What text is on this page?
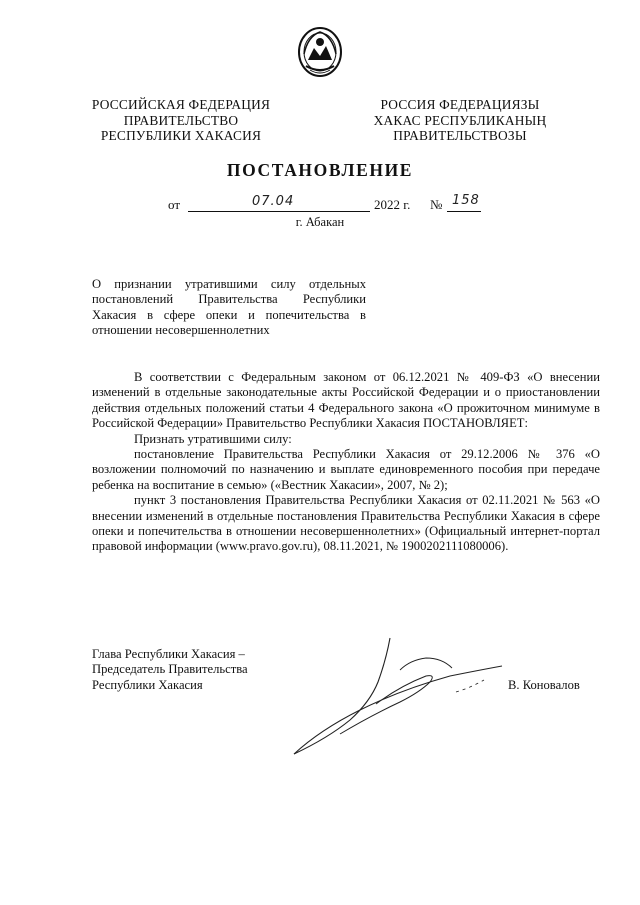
РОССИЙСКАЯ ФЕДЕРАЦИЯ
ПРАВИТЕЛЬСТВО
РЕСПУБЛИКИ ХАКАСИЯ
РОССИЯ ФЕДЕРАЦИЯЗЫ
ХАКАС РЕСПУБЛИКАНЫҢ
ПРАВИТЕЛЬСТВОЗЫ
ПОСТАНОВЛЕНИЕ
от	07.04	2022 г. № 158
г. Абакан
О признании утратившими силу отдельных постановлений Правительства Республики Хакасия в сфере опеки и попечительства в отношении несовершеннолетних

В соответствии с Федеральным законом от 06.12.2021 № 409-ФЗ «О внесении изменений в отдельные законодательные акты Российской Федерации и о приостановлении действия отдельных положений статьи 4 Федерального закона «О прожиточном минимуме в Российской Федерации» Правительство Республики Хакасия ПОСТАНОВЛЯЕТ:

Признать утратившими силу:

постановление Правительства Республики Хакасия от 29.12.2006 № 376 «О возложении полномочий по назначению и выплате единовременного пособия при передаче ребенка на воспитание в семью» («Вестник Хакасии», 2007, № 2);

пункт 3 постановления Правительства Республики Хакасия от 02.11.2021 № 563 «О внесении изменений в отдельные постановления Правительства Республики Хакасия в сфере опеки и попечительства в отношении несовершеннолетних» (Официальный интернет-портал правовой информации (www.pravo.gov.ru), 08.11.2021, № 1900202111080006).

Глава Республики Хакасия –
Председатель Правительства
Республики Хакасия	В. Коновалов
